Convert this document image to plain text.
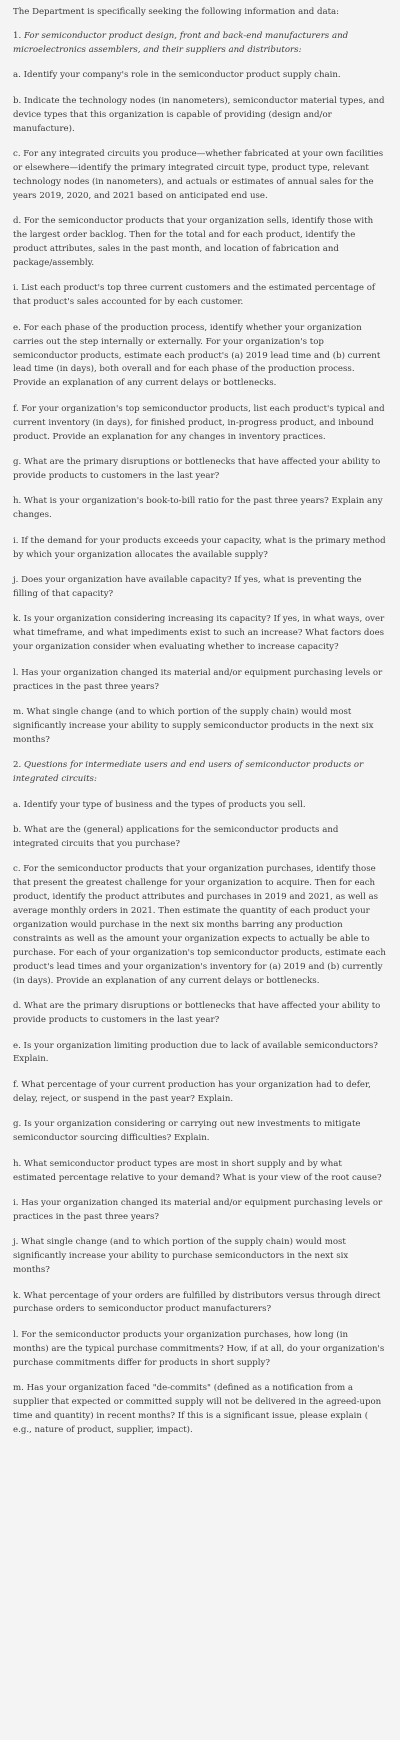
The Department is specifically seeking the following information and data:

1. For semiconductor product design, front and back-end manufacturers and microelectronics assemblers, and their suppliers and distributors:

a. Identify your company's role in the semiconductor product supply chain.

b. Indicate the technology nodes (in nanometers), semiconductor material types, and device types that this organization is capable of providing (design and/or manufacture).

c. For any integrated circuits you produce—whether fabricated at your own facilities or elsewhere—identify the primary integrated circuit type, product type, relevant technology nodes (in nanometers), and actuals or estimates of annual sales for the years 2019, 2020, and 2021 based on anticipated end use.

d. For the semiconductor products that your organization sells, identify those with the largest order backlog. Then for the total and for each product, identify the product attributes, sales in the past month, and location of fabrication and package/assembly.

i. List each product's top three current customers and the estimated percentage of that product's sales accounted for by each customer.

e. For each phase of the production process, identify whether your organization carries out the step internally or externally. For your organization's top semiconductor products, estimate each product's (a) 2019 lead time and (b) current lead time (in days), both overall and for each phase of the production process. Provide an explanation of any current delays or bottlenecks.

f. For your organization's top semiconductor products, list each product's typical and current inventory (in days), for finished product, in-progress product, and inbound product. Provide an explanation for any changes in inventory practices.

g. What are the primary disruptions or bottlenecks that have affected your ability to provide products to customers in the last year?

h. What is your organization's book-to-bill ratio for the past three years? Explain any changes.

i. If the demand for your products exceeds your capacity, what is the primary method by which your organization allocates the available supply?

j. Does your organization have available capacity? If yes, what is preventing the filling of that capacity?

k. Is your organization considering increasing its capacity? If yes, in what ways, over what timeframe, and what impediments exist to such an increase? What factors does your organization consider when evaluating whether to increase capacity?

l. Has your organization changed its material and/or equipment purchasing levels or practices in the past three years?

m. What single change (and to which portion of the supply chain) would most significantly increase your ability to supply semiconductor products in the next six months?

2. Questions for intermediate users and end users of semiconductor products or integrated circuits:

a. Identify your type of business and the types of products you sell.

b. What are the (general) applications for the semiconductor products and integrated circuits that you purchase?

c. For the semiconductor products that your organization purchases, identify those that present the greatest challenge for your organization to acquire. Then for each product, identify the product attributes and purchases in 2019 and 2021, as well as average monthly orders in 2021. Then estimate the quantity of each product your organization would purchase in the next six months barring any production constraints as well as the amount your organization expects to actually be able to purchase. For each of your organization's top semiconductor products, estimate each product's lead times and your organization's inventory for (a) 2019 and (b) currently (in days). Provide an explanation of any current delays or bottlenecks.

d. What are the primary disruptions or bottlenecks that have affected your ability to provide products to customers in the last year?

e. Is your organization limiting production due to lack of available semiconductors? Explain.

f. What percentage of your current production has your organization had to defer, delay, reject, or suspend in the past year? Explain.

g. Is your organization considering or carrying out new investments to mitigate semiconductor sourcing difficulties? Explain.

h. What semiconductor product types are most in short supply and by what estimated percentage relative to your demand? What is your view of the root cause?

i. Has your organization changed its material and/or equipment purchasing levels or practices in the past three years?

j. What single change (and to which portion of the supply chain) would most significantly increase your ability to purchase semiconductors in the next six months?

k. What percentage of your orders are fulfilled by distributors versus through direct purchase orders to semiconductor product manufacturers?

l. For the semiconductor products your organization purchases, how long (in months) are the typical purchase commitments? How, if at all, do your organization's purchase commitments differ for products in short supply?

m. Has your organization faced "de-commits" (defined as a notification from a supplier that expected or committed supply will not be delivered in the agreed-upon time and quantity) in recent months? If this is a significant issue, please explain ( e.g., nature of product, supplier, impact).
